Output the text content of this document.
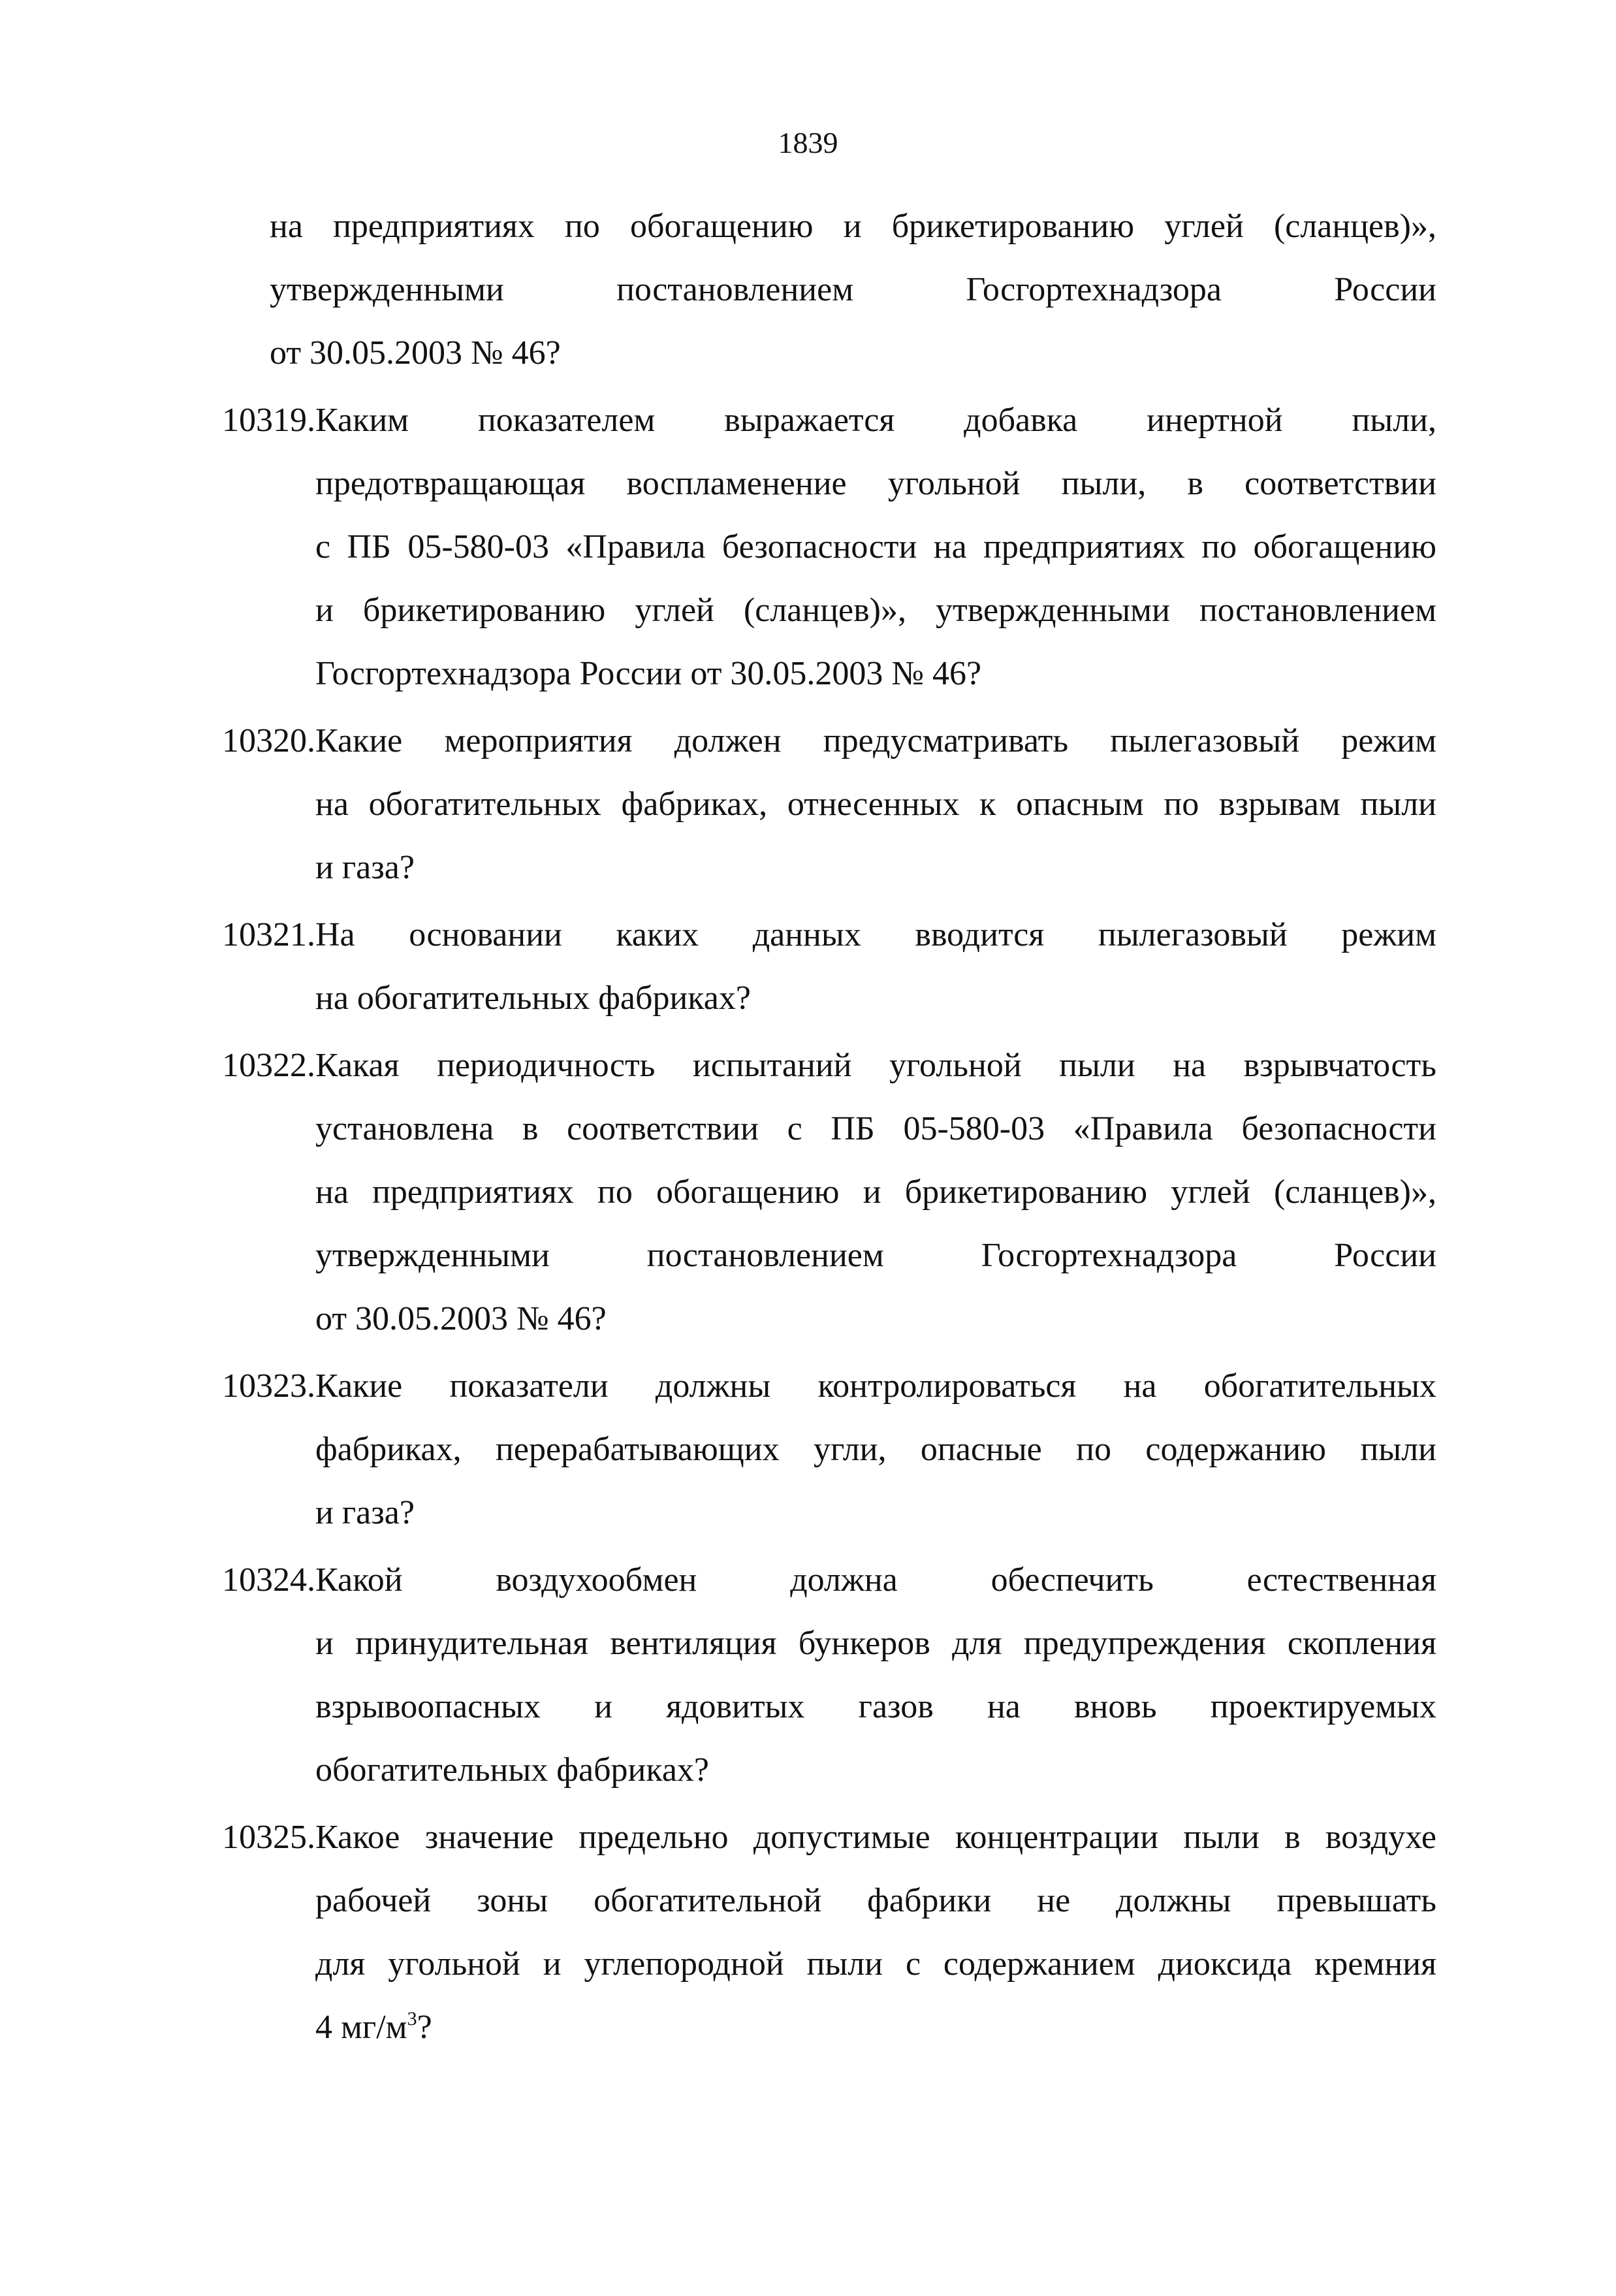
1839
на предприятиях по обогащению и брикетированию углей (сланцев)»,
утвержденными постановлением Госгортехнадзора России
от 30.05.2003 № 46?
10319. Каким показателем выражается добавка инертной пыли,
предотвращающая воспламенение угольной пыли, в соответствии
с ПБ 05-580-03 «Правила безопасности на предприятиях по обогащению
и брикетированию углей (сланцев)», утвержденными постановлением
Госгортехнадзора России от 30.05.2003 № 46?
10320. Какие мероприятия должен предусматривать пылегазовый режим
на обогатительных фабриках, отнесенных к опасным по взрывам пыли
и газа?
10321. На основании каких данных вводится пылегазовый режим
на обогатительных фабриках?
10322. Какая периодичность испытаний угольной пыли на взрывчатость
установлена в соответствии с ПБ 05-580-03 «Правила безопасности
на предприятиях по обогащению и брикетированию углей (сланцев)»,
утвержденными постановлением Госгортехнадзора России
от 30.05.2003 № 46?
10323. Какие показатели должны контролироваться на обогатительных
фабриках, перерабатывающих угли, опасные по содержанию пыли
и газа?
10324. Какой воздухообмен должна обеспечить естественная
и принудительная вентиляция бункеров для предупреждения скопления
взрывоопасных и ядовитых газов на вновь проектируемых
обогатительных фабриках?
10325. Какое значение предельно допустимые концентрации пыли в воздухе
рабочей зоны обогатительной фабрики не должны превышать
для угольной и углепородной пыли с содержанием диоксида кремния
4 $мг/м^3$?
